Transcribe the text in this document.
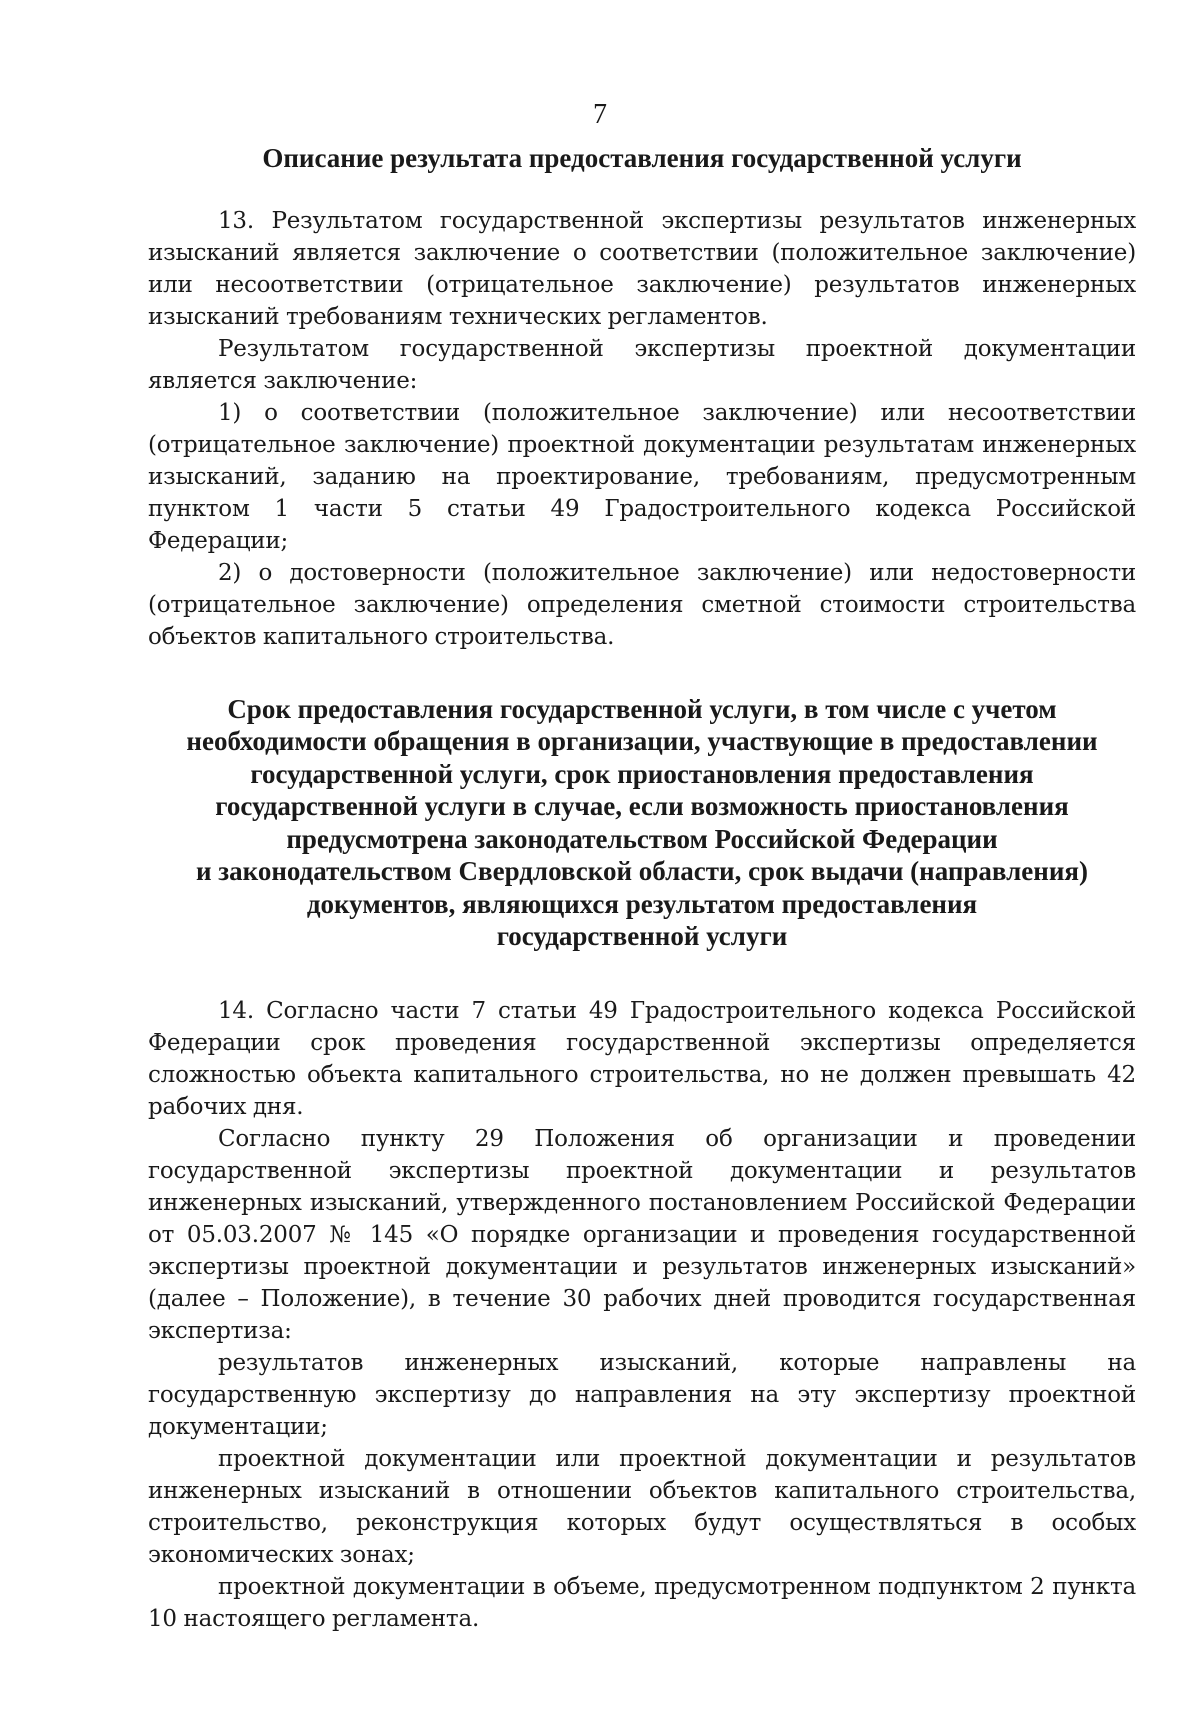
7
Описание результата предоставления государственной услуги

13. Результатом государственной экспертизы результатов инженерных изысканий является заключение о соответствии (положительное заключение) или несоответствии (отрицательное заключение) результатов инженерных изысканий требованиям технических регламентов.

Результатом государственной экспертизы проектной документации является заключение:

1) о соответствии (положительное заключение) или несоответствии (отрицательное заключение) проектной документации результатам инженерных изысканий, заданию на проектирование, требованиям, предусмотренным пунктом 1 части 5 статьи 49 Градостроительного кодекса Российской Федерации;

2) о достоверности (положительное заключение) или недостоверности (отрицательное заключение) определения сметной стоимости строительства объектов капитального строительства.

Срок предоставления государственной услуги, в том числе с учетом
необходимости обращения в организации, участвующие в предоставлении
государственной услуги, срок приостановления предоставления
государственной услуги в случае, если возможность приостановления
предусмотрена законодательством Российской Федерации
и законодательством Свердловской области, срок выдачи (направления)
документов, являющихся результатом предоставления
государственной услуги

14. Согласно части 7 статьи 49 Градостроительного кодекса Российской Федерации срок проведения государственной экспертизы определяется сложностью объекта капитального строительства, но не должен превышать 42 рабочих дня.

Согласно пункту 29 Положения об организации и проведении государственной экспертизы проектной документации и результатов инженерных изысканий, утвержденного постановлением Российской Федерации от 05.03.2007 № 145 «О порядке организации и проведения государственной экспертизы проектной документации и результатов инженерных изысканий» (далее – Положение), в течение 30 рабочих дней проводится государственная экспертиза:

результатов инженерных изысканий, которые направлены на государственную экспертизу до направления на эту экспертизу проектной документации;

проектной документации или проектной документации и результатов инженерных изысканий в отношении объектов капитального строительства, строительство, реконструкция которых будут осуществляться в особых экономических зонах;

проектной документации в объеме, предусмотренном подпунктом 2 пункта 10 настоящего регламента.
